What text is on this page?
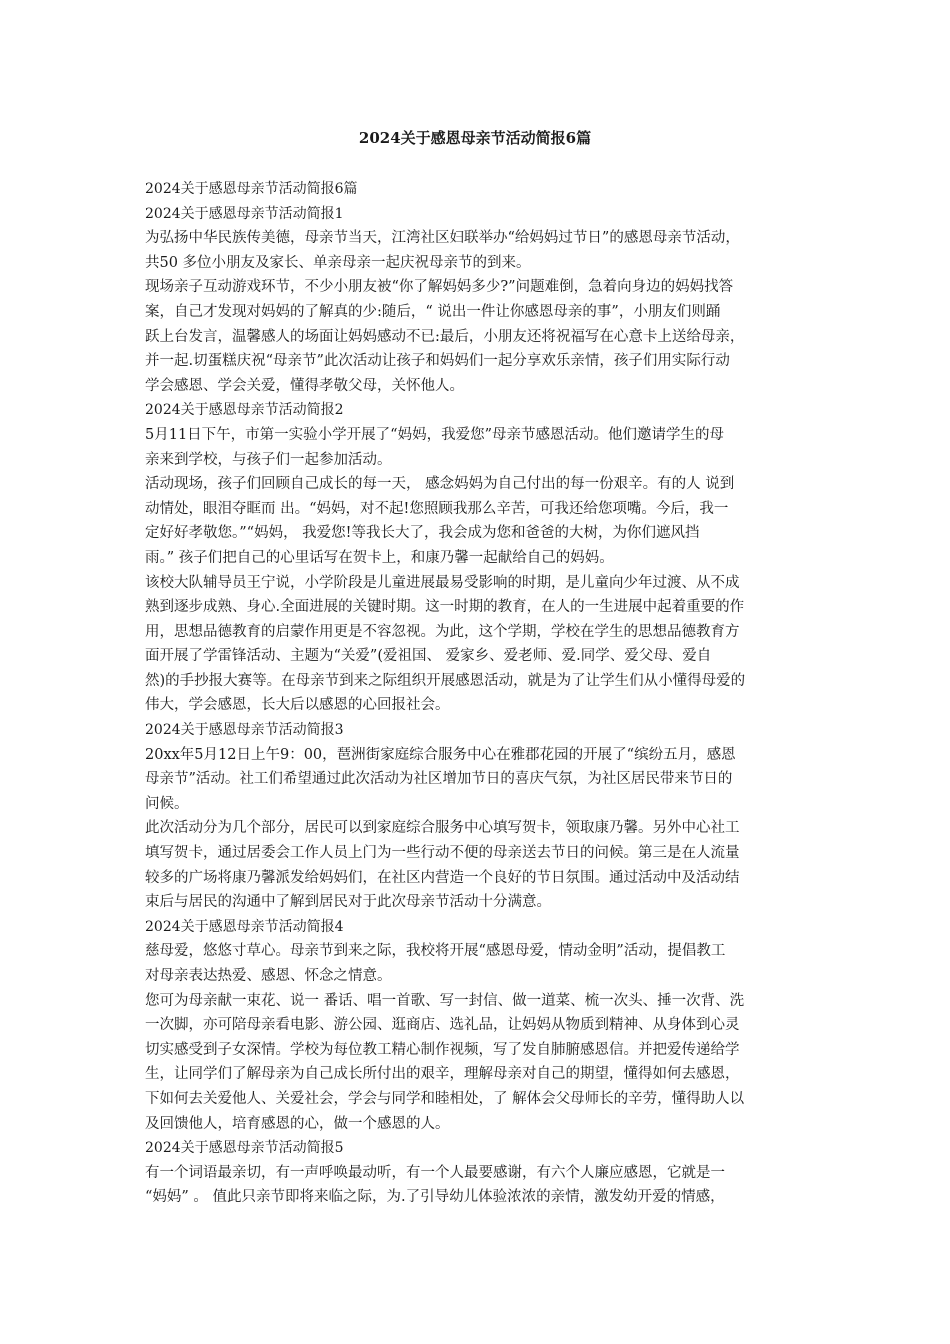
2024关于感恩母亲节活动简报6篇
2024关于感恩母亲节活动简报6篇
2024关于感恩母亲节活动简报1
为弘扬中华民族传美德，母亲节当天，江湾社区妇联举办“给妈妈过节日”的感恩母亲节活动，
共50 多位小朋友及家长、单亲母亲一起庆祝母亲节的到来。
现场亲子互动游戏环节，不少小朋友被“你了解妈妈多少?”问题难倒，急着向身边的妈妈找答
案，自己才发现对妈妈的了解真的少:随后，“ 说出一件让你感恩母亲的事”，小朋友们则踊
跃上台发言，温馨感人的场面让妈妈感动不已:最后，小朋友还将祝福写在心意卡上送给母亲，
并一起.切蛋糕庆祝“母亲节”此次活动让孩子和妈妈们一起分享欢乐亲情，孩子们用实际行动
学会感恩、学会关爱，懂得孝敬父母，关怀他人。
2024关于感恩母亲节活动简报2
5月11日下午，市第一实验小学开展了“妈妈，我爱您”母亲节感恩活动。他们邀请学生的母
亲来到学校，与孩子们一起参加活动。
活动现场，孩子们回顾自己成长的每一天， 感念妈妈为自己付出的每一份艰辛。有的人 说到
动情处，眼泪夺眶而 出。“妈妈，对不起!您照顾我那么辛苦，可我还给您项嘴。今后，我一
定好好孝敬您。”“妈妈， 我爱您!等我长大了，我会成为您和爸爸的大树，为你们遮风挡
雨。” 孩子们把自己的心里话写在贺卡上，和康乃馨一起献给自己的妈妈。
该校大队辅导员王宁说，小学阶段是儿童进展最易受影响的时期，是儿童向少年过渡、从不成
熟到逐步成熟、身心.全面进展的关键时期。这一时期的教育，在人的一生进展中起着重要的作
用，思想品德教育的启蒙作用更是不容忽视。为此，这个学期，学校在学生的思想品德教育方
面开展了学雷锋活动、主题为“关爱”(爱祖国、 爱家乡、爱老师、爱.同学、爱父母、爱自
然)的手抄报大赛等。在母亲节到来之际组织开展感恩活动，就是为了让学生们从小懂得母爱的
伟大，学会感恩，长大后以感恩的心回报社会。
2024关于感恩母亲节活动简报3
20xx年5月12日上午9：00，琶洲街家庭综合服务中心在雅郡花园的开展了“缤纷五月，感恩
母亲节”活动。社工们希望通过此次活动为社区增加节日的喜庆气氛，为社区居民带来节日的
问候。
此次活动分为几个部分，居民可以到家庭综合服务中心填写贺卡，领取康乃馨。另外中心社工
填写贺卡，通过居委会工作人员上门为一些行动不便的母亲送去节日的问候。第三是在人流量
较多的广场将康乃馨派发给妈妈们，在社区内营造一个良好的节日氛围。通过活动中及活动结
束后与居民的沟通中了解到居民对于此次母亲节活动十分满意。
2024关于感恩母亲节活动简报4
慈母爱，悠悠寸草心。母亲节到来之际，我校将开展“感恩母爱，情动金明”活动，提倡教工
对母亲表达热爱、感恩、怀念之情意。
您可为母亲献一束花、说一 番话、唱一首歌、写一封信、做一道菜、梳一次头、捶一次背、洗
一次脚，亦可陪母亲看电影、游公园、逛商店、选礼品，让妈妈从物质到精神、从身体到心灵
切实感受到子女深情。学校为每位教工精心制作视频，写了发自肺腑感恩信。并把爱传递给学
生，让同学们了解母亲为自己成长所付出的艰辛，理解母亲对自己的期望，懂得如何去感恩，
下如何去关爱他人、关爱社会，学会与同学和睦相处，了 解体会父母师长的辛劳，懂得助人以
及回馈他人，培育感恩的心，做一个感恩的人。
2024关于感恩母亲节活动简报5
有一个词语最亲切，有一声呼唤最动听，有一个人最要感谢，有六个人廉应感恩，它就是一
“妈妈” 。 值此只亲节即将来临之际，为.了引导幼儿体验浓浓的亲情，激发幼开爱的情感，
